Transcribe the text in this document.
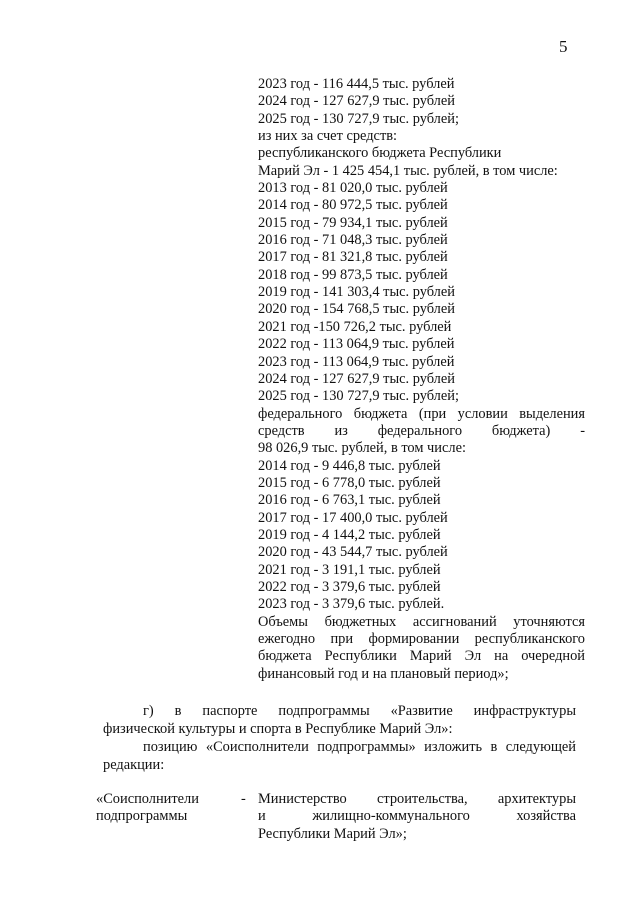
5
2023 год - 116 444,5 тыс. рублей
2024 год - 127 627,9 тыс. рублей
2025 год - 130 727,9 тыс. рублей;
из них за счет средств:
республиканского бюджета Республики
Марий Эл - 1 425 454,1 тыс. рублей, в том числе:
2013 год - 81 020,0 тыс. рублей
2014 год - 80 972,5 тыс. рублей
2015 год - 79 934,1 тыс. рублей
2016 год - 71 048,3 тыс. рублей
2017 год - 81 321,8 тыс. рублей
2018 год - 99 873,5 тыс. рублей
2019 год - 141 303,4 тыс. рублей
2020 год - 154 768,5 тыс. рублей
2021 год -150 726,2 тыс. рублей
2022 год - 113 064,9 тыс. рублей
2023 год - 113 064,9 тыс. рублей
2024 год - 127 627,9 тыс. рублей
2025 год - 130 727,9 тыс. рублей;
федерального бюджета (при условии выделения
средств из федерального бюджета) -
98 026,9 тыс. рублей, в том числе:
2014 год - 9 446,8 тыс. рублей
2015 год - 6 778,0 тыс. рублей
2016 год - 6 763,1 тыс. рублей
2017 год - 17 400,0 тыс. рублей
2019 год - 4 144,2 тыс. рублей
2020 год - 43 544,7 тыс. рублей
2021 год - 3 191,1 тыс. рублей
2022 год - 3 379,6 тыс. рублей
2023 год - 3 379,6 тыс. рублей.
Объемы бюджетных ассигнований уточняются
ежегодно при формировании республиканского
бюджета Республики Марий Эл на очередной
финансовый год и на плановый период»;
г) в паспорте подпрограммы «Развитие инфраструктуры
физической культуры и спорта в Республике Марий Эл»:
позицию «Соисполнители подпрограммы» изложить в следующей
редакции:
«Соисполнители
подпрограммы
- Министерство строительства, архитектуры
и жилищно-коммунального хозяйства
Республики Марий Эл»;
